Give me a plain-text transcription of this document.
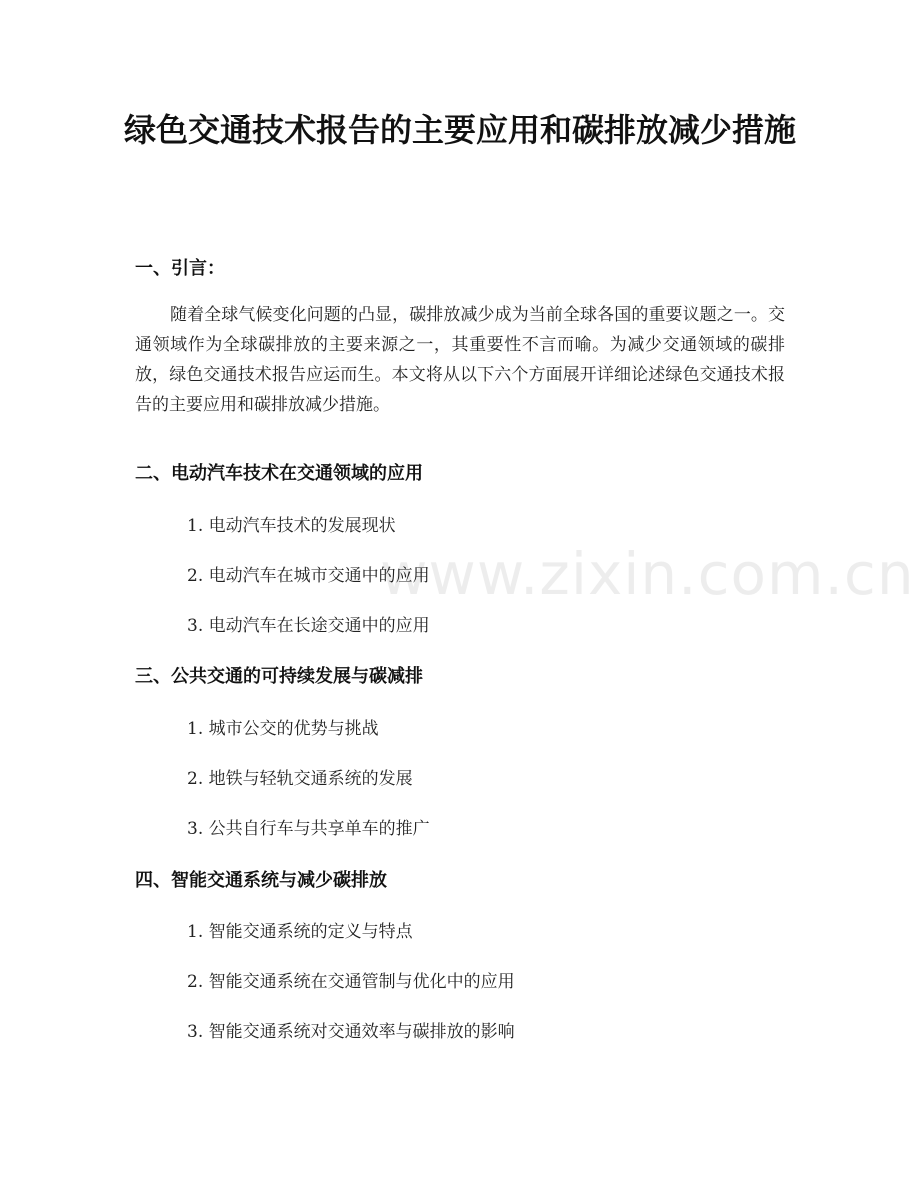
绿色交通技术报告的主要应用和碳排放减少措施
一、引言：

随着全球气候变化问题的凸显，碳排放减少成为当前全球各国的重要议题之一。交通领域作为全球碳排放的主要来源之一，其重要性不言而喻。为减少交通领域的碳排放，绿色交通技术报告应运而生。本文将从以下六个方面展开详细论述绿色交通技术报告的主要应用和碳排放减少措施。

二、电动汽车技术在交通领域的应用

1. 电动汽车技术的发展现状

2. 电动汽车在城市交通中的应用

3. 电动汽车在长途交通中的应用

三、公共交通的可持续发展与碳减排

1. 城市公交的优势与挑战

2. 地铁与轻轨交通系统的发展

3. 公共自行车与共享单车的推广

四、智能交通系统与减少碳排放

1. 智能交通系统的定义与特点

2. 智能交通系统在交通管制与优化中的应用

3. 智能交通系统对交通效率与碳排放的影响

www.zixin.com.cn
